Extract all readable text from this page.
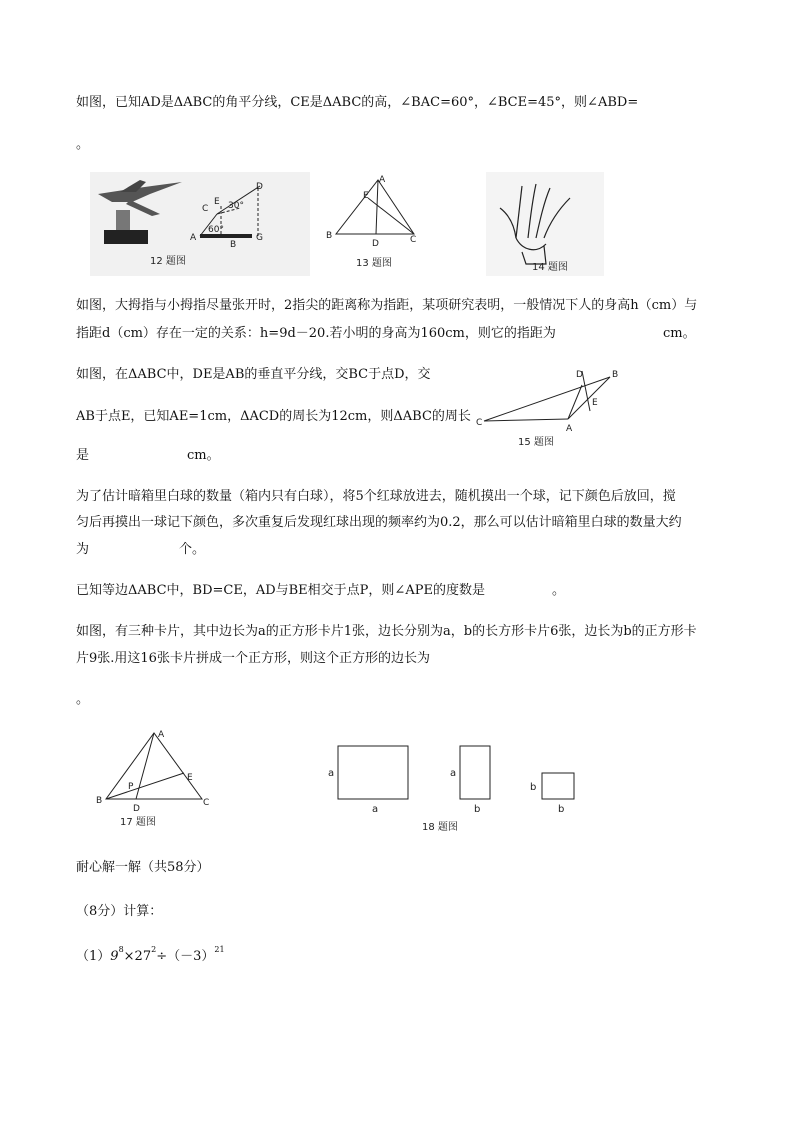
如图，已知AD是ΔABC的角平分线，CE是ΔABC的高，∠BAC=60°，∠BCE=45°，则∠ABD=
。
D
E
C 30°
60°
A
B
G
12 题图
A
E
B
D	C
13 题图	14 题图
如图，大拇指与小拇指尽量张开时，2指尖的距离称为指距，某项研究表明，一般情况下人的身高h（cm）与
指距d（cm）存在一定的关系：h=9d－20.若小明的身高为160cm，则它的指距为	cm。
如图，在ΔABC中，DE是AB的垂直平分线，交BC于点D，交
AB于点E，已知AE=1cm，ΔACD的周长为12cm，则ΔABC的周长
是	cm。
D	B
E
C
A
15 题图
为了估计暗箱里白球的数量（箱内只有白球），将5个红球放进去，随机摸出一个球，记下颜色后放回，搅
匀后再摸出一球记下颜色，多次重复后发现红球出现的频率约为0.2，那么可以估计暗箱里白球的数量大约
为	个。
已知等边ΔABC中，BD=CE，AD与BE相交于点P，则∠APE的度数是	。
如图，有三种卡片，其中边长为a的正方形卡片1张，边长分别为a，b的长方形卡片6张，边长为b的正方形卡
片9张.用这16张卡片拼成一个正方形，则这个正方形的边长为
。
A
E
P
B
D
C
17 题图
a
a
a
b
b
b
18 题图
耐心解一解（共58分）
（8分）计算：
$(1)9^8\times 27^2\div(-3)^{21}$
